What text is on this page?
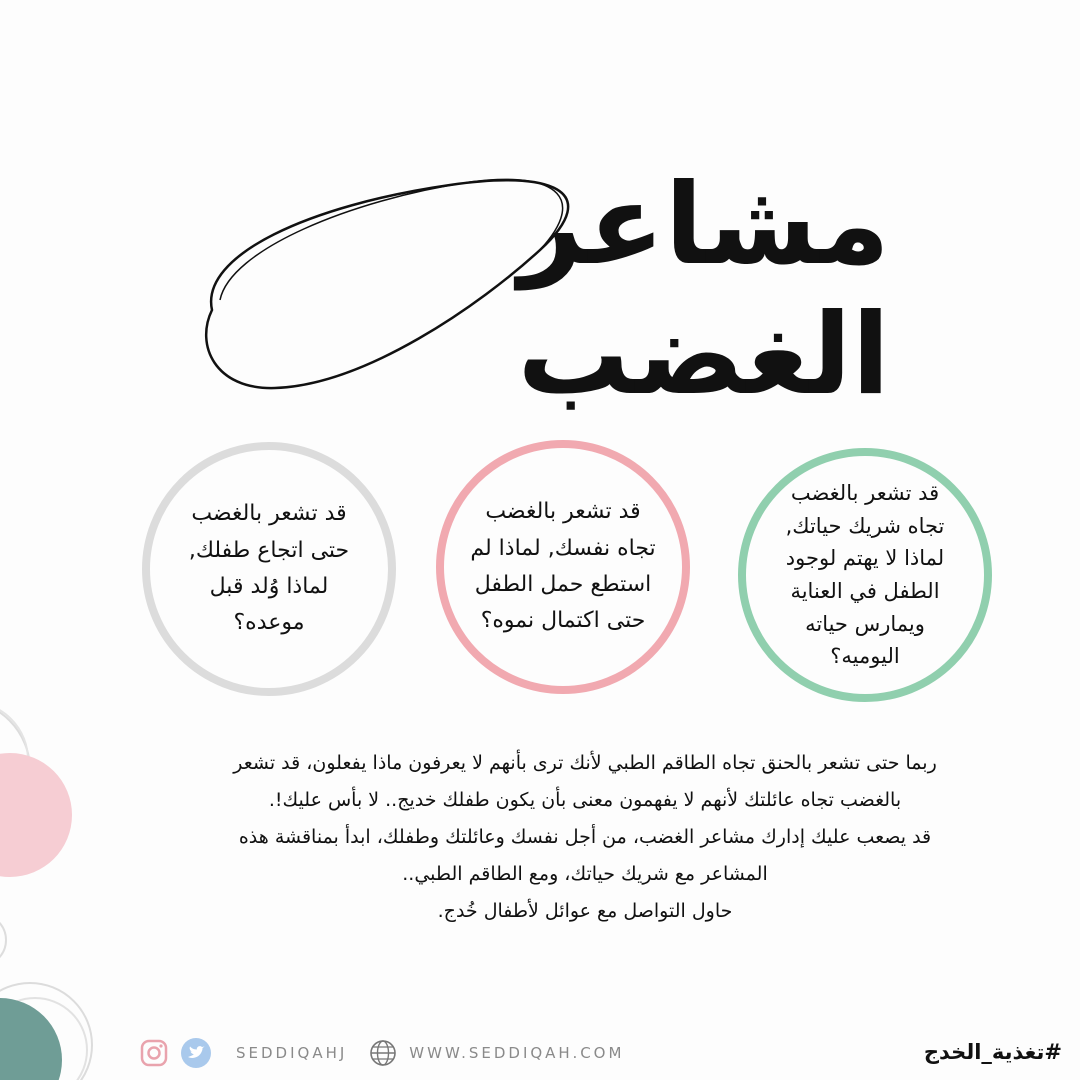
مشاعر الغضب
قد تشعر بالغضب
حتى اتجاع طفلك,
لماذا وُلد قبل
موعده؟
قد تشعر بالغضب
تجاه نفسك, لماذا لم
استطع حمل الطفل
حتى اكتمال نموه؟
قد تشعر بالغضب
تجاه شريك حياتك,
لماذا لا يهتم لوجود
الطفل في العناية
ويمارس حياته
اليوميه؟

ربما حتى تشعر بالحنق تجاه الطاقم الطبي لأنك ترى بأنهم لا يعرفون ماذا يفعلون، قد تشعر

بالغضب تجاه عائلتك لأنهم لا يفهمون معنى بأن يكون طفلك خديج.. لا بأس عليك!.

قد يصعب عليك إدارك مشاعر الغضب، من أجل نفسك وعائلتك وطفلك، ابدأ بمناقشة هذه

المشاعر مع شريك حياتك، ومع الطاقم الطبي..

حاول التواصل مع عوائل لأطفال خُدج.

SEDDIQAHJ	WWW.SEDDIQAH.COM	#تغذية_الخدج
